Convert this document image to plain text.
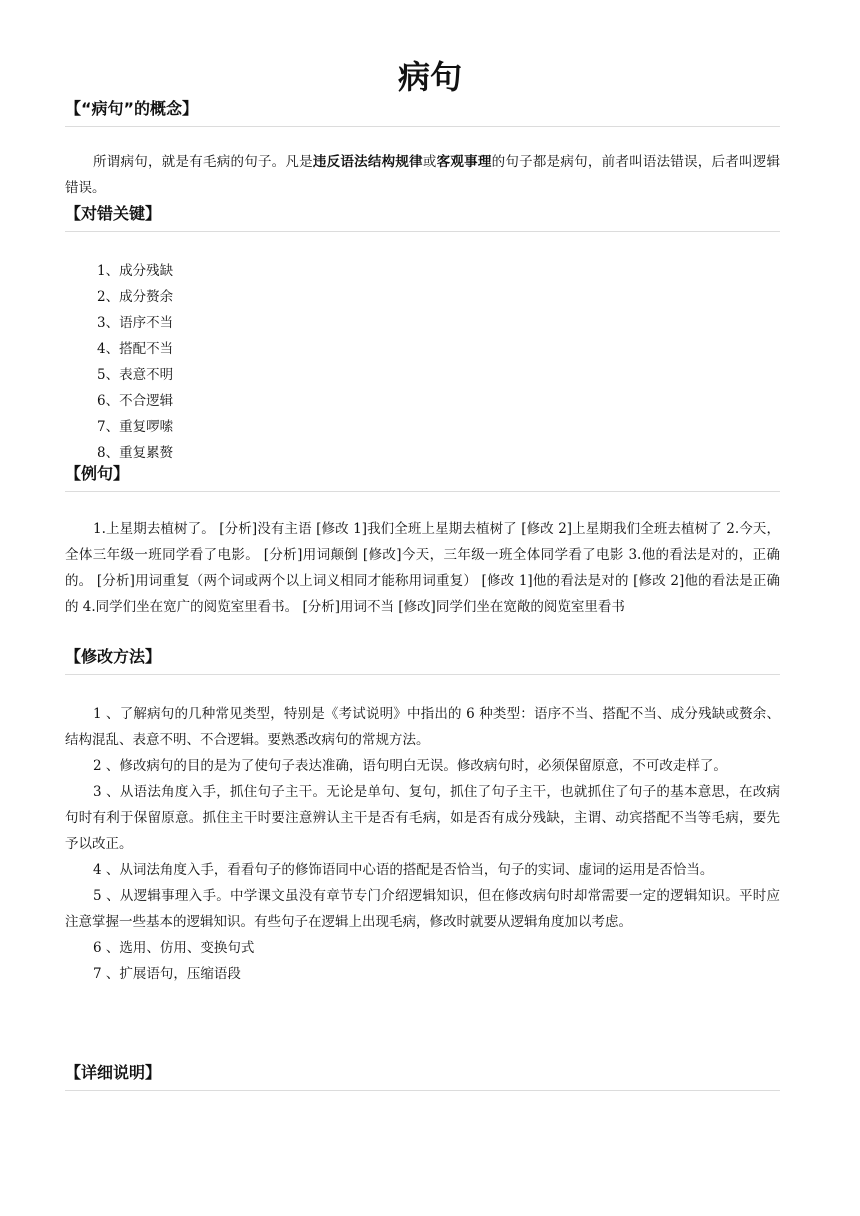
病句
【“病句”的概念】

所谓病句，就是有毛病的句子。凡是违反语法结构规律或客观事理的句子都是病句，前者叫语法错误，后者叫逻辑错误。

【对错关键】
1、成分残缺
2、成分赘余
3、语序不当
4、搭配不当
5、表意不明
6、不合逻辑
7、重复啰嗦
8、重复累赘
【例句】

1.上星期去植树了。 [分析]没有主语 [修改 1]我们全班上星期去植树了 [修改 2]上星期我们全班去植树了 2.今天，全体三年级一班同学看了电影。 [分析]用词颠倒 [修改]今天，三年级一班全体同学看了电影 3.他的看法是对的，正确的。 [分析]用词重复（两个词或两个以上词义相同才能称用词重复） [修改 1]他的看法是对的 [修改 2]他的看法是正确的 4.同学们坐在宽广的阅览室里看书。 [分析]用词不当 [修改]同学们坐在宽敞的阅览室里看书

【修改方法】

1 、了解病句的几种常见类型，特别是《考试说明》中指出的 6 种类型：语序不当、搭配不当、成分残缺或赘余、结构混乱、表意不明、不合逻辑。要熟悉改病句的常规方法。

2 、修改病句的目的是为了使句子表达准确，语句明白无误。修改病句时，必须保留原意，不可改走样了。

3 、从语法角度入手，抓住句子主干。无论是单句、复句，抓住了句子主干，也就抓住了句子的基本意思，在改病句时有利于保留原意。抓住主干时要注意辨认主干是否有毛病，如是否有成分残缺，主谓、动宾搭配不当等毛病，要先予以改正。

4 、从词法角度入手，看看句子的修饰语同中心语的搭配是否恰当，句子的实词、虚词的运用是否恰当。

5 、从逻辑事理入手。中学课文虽没有章节专门介绍逻辑知识，但在修改病句时却常需要一定的逻辑知识。平时应注意掌握一些基本的逻辑知识。有些句子在逻辑上出现毛病，修改时就要从逻辑角度加以考虑。

6 、选用、仿用、变换句式

7 、扩展语句，压缩语段

【详细说明】
